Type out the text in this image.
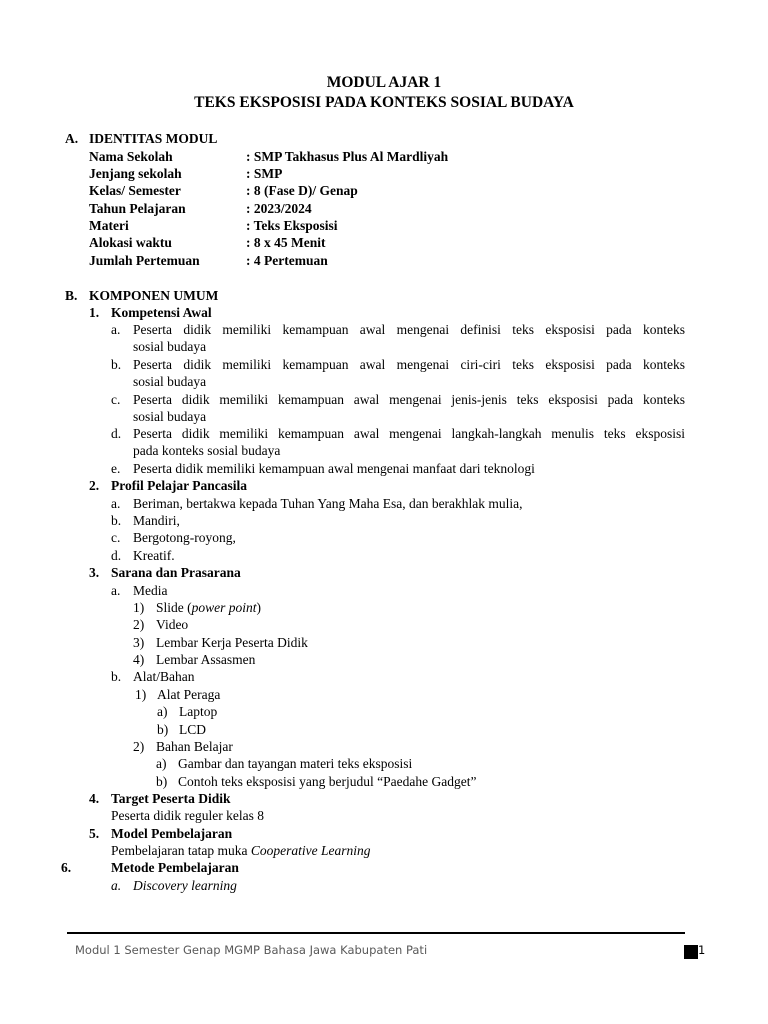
MODUL AJAR 1
TEKS EKSPOSISI PADA KONTEKS SOSIAL BUDAYA
A. IDENTITAS MODUL
Nama Sekolah	: SMP Takhasus Plus Al Mardliyah
Jenjang sekolah	: SMP
Kelas/ Semester	: 8 (Fase D)/ Genap
Tahun Pelajaran	: 2023/2024
Materi	: Teks Eksposisi
Alokasi waktu	: 8 x 45 Menit
Jumlah Pertemuan	: 4 Pertemuan
B. KOMPONEN UMUM
1. Kompetensi Awal
a. Peserta didik memiliki kemampuan awal mengenai definisi teks eksposisi pada konteks
sosial budaya
b. Peserta didik memiliki kemampuan awal mengenai ciri-ciri teks eksposisi pada konteks
sosial budaya
c. Peserta didik memiliki kemampuan awal mengenai jenis-jenis teks eksposisi pada konteks
sosial budaya
d. Peserta didik memiliki kemampuan awal mengenai langkah-langkah menulis teks eksposisi
pada konteks sosial budaya
e. Peserta didik memiliki kemampuan awal mengenai manfaat dari teknologi
2. Profil Pelajar Pancasila
a. Beriman, bertakwa kepada Tuhan Yang Maha Esa, dan berakhlak mulia,
b. Mandiri,
c. Bergotong-royong,
d. Kreatif.
3. Sarana dan Prasarana
a. Media
1) Slide (power point)
2) Video
3) Lembar Kerja Peserta Didik
4) Lembar Assasmen
b. Alat/Bahan
1) Alat Peraga
a) Laptop
b) LCD
2) Bahan Belajar
a) Gambar dan tayangan materi teks eksposisi
b) Contoh teks eksposisi yang berjudul “Paedahe Gadget”
4. Target Peserta Didik
Peserta didik reguler kelas 8
5. Model Pembelajaran
Pembelajaran tatap muka Cooperative Learning
6.	Metode Pembelajaran
a. Discovery learning
Modul 1 Semester Genap MGMP Bahasa Jawa Kabupaten Pati	1
